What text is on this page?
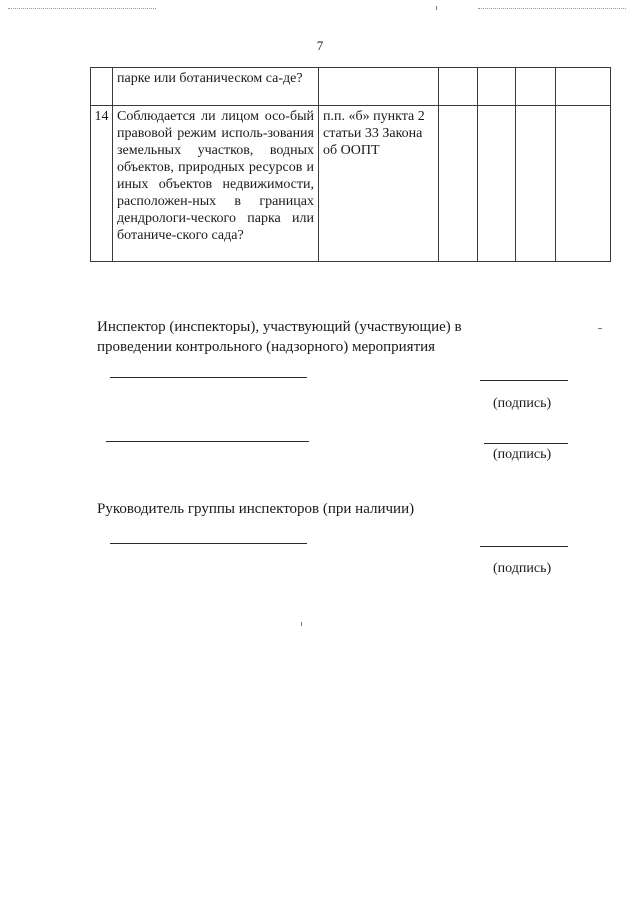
7
	парке или ботаническом са-де?					
14	Соблюдается ли лицом осо-бый правовой режим исполь-зования земельных участков, водных объектов, природных ресурсов и иных объектов недвижимости, расположен-ных в границах дендрологи-ческого парка или ботаниче-ского сада?	п.п. «б» пункта 2 статьи 33 Закона об ООПТ				
Инспектор (инспекторы), участвующий (участвующие) в
проведении контрольного (надзорного) мероприятия
(подпись)
(подпись)
Руководитель группы инспекторов (при наличии)
(подпись)
